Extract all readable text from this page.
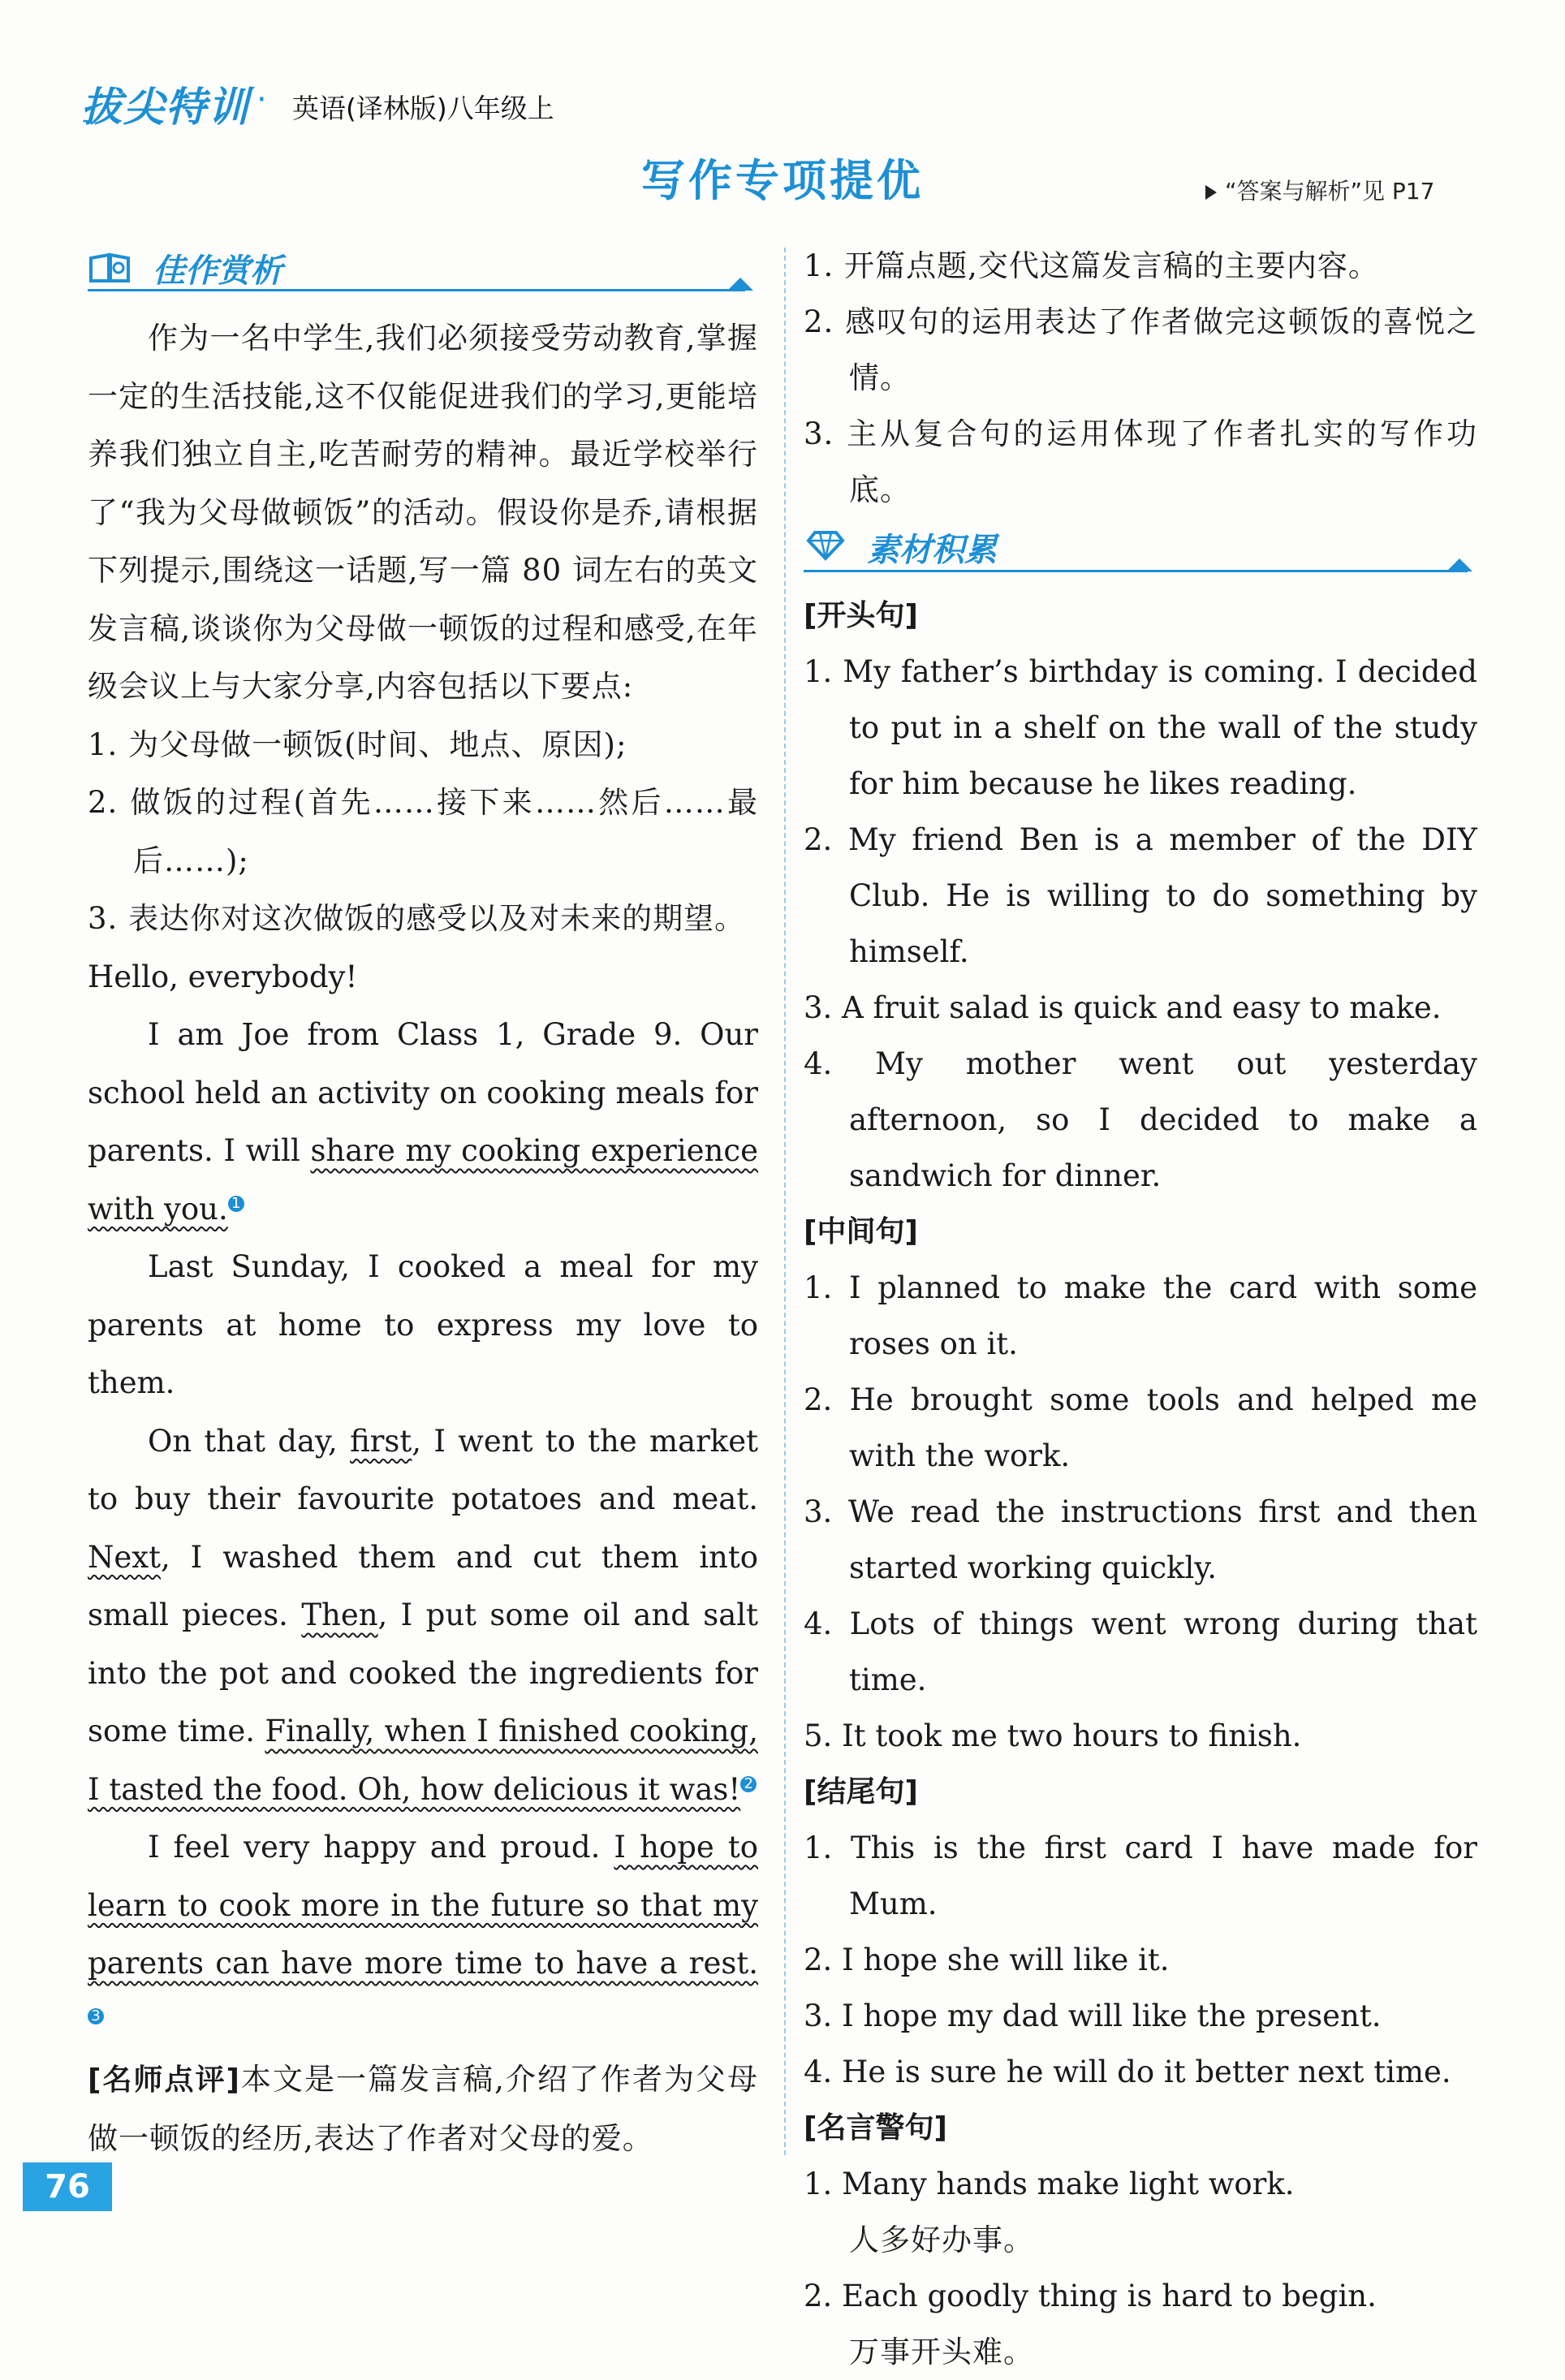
拔尖特训 · 英语(译林版)八年级上
写作专项提优	“答案与解析”见 P17
佳作赏析

作为一名中学生,我们必须接受劳动教育,掌握一定的生活技能,这不仅能促进我们的学习,更能培养我们独立自主,吃苦耐劳的精神。最近学校举行了“我为父母做顿饭”的活动。假设你是乔,请根据下列提示,围绕这一话题,写一篇 80 词左右的英文发言稿,谈谈你为父母做一顿饭的过程和感受,在年级会议上与大家分享,内容包括以下要点:

1. 为父母做一顿饭(时间、地点、原因);

2. 做饭的过程(首先……接下来……然后……最后……);

3. 表达你对这次做饭的感受以及对未来的期望。

Hello, everybody!

I am Joe from Class 1, Grade 9. Our school held an activity on cooking meals for parents. I will share my cooking experience with you. 1

Last Sunday, I cooked a meal for my parents at home to express my love to them.

On that day, first, I went to the market to buy their favourite potatoes and meat. Next, I washed them and cut them into small pieces. Then, I put some oil and salt into the pot and cooked the ingredients for some time. Finally, when I finished cooking, I tasted the food. Oh, how delicious it was! 2

I feel very happy and proud. I hope to learn to cook more in the future so that my parents can have more time to have a rest.3

[名师点评]本文是一篇发言稿,介绍了作者为父母做一顿饭的经历,表达了作者对父母的爱。

1. 开篇点题,交代这篇发言稿的主要内容。

2. 感叹句的运用表达了作者做完这顿饭的喜悦之情。

3. 主从复合句的运用体现了作者扎实的写作功底。

素材积累

[开头句]

1. My father’s birthday is coming. I decided to put in a shelf on the wall of the study for him because he likes reading.

2. My friend Ben is a member of the DIY Club. He is willing to do something by himself.

3. A fruit salad is quick and easy to make.

4. My mother went out yesterday afternoon, so I decided to make a sandwich for dinner.

[中间句]

1. I planned to make the card with some roses on it.

2. He brought some tools and helped me with the work.

3. We read the instructions first and then started working quickly.

4. Lots of things went wrong during that time.

5. It took me two hours to finish.

[结尾句]

1. This is the first card I have made for Mum.

2. I hope she will like it.

3. I hope my dad will like the present.

4. He is sure he will do it better next time.

[名言警句]

1. Many hands make light work.

人多好办事。

2. Each goodly thing is hard to begin.

万事开头难。

76
